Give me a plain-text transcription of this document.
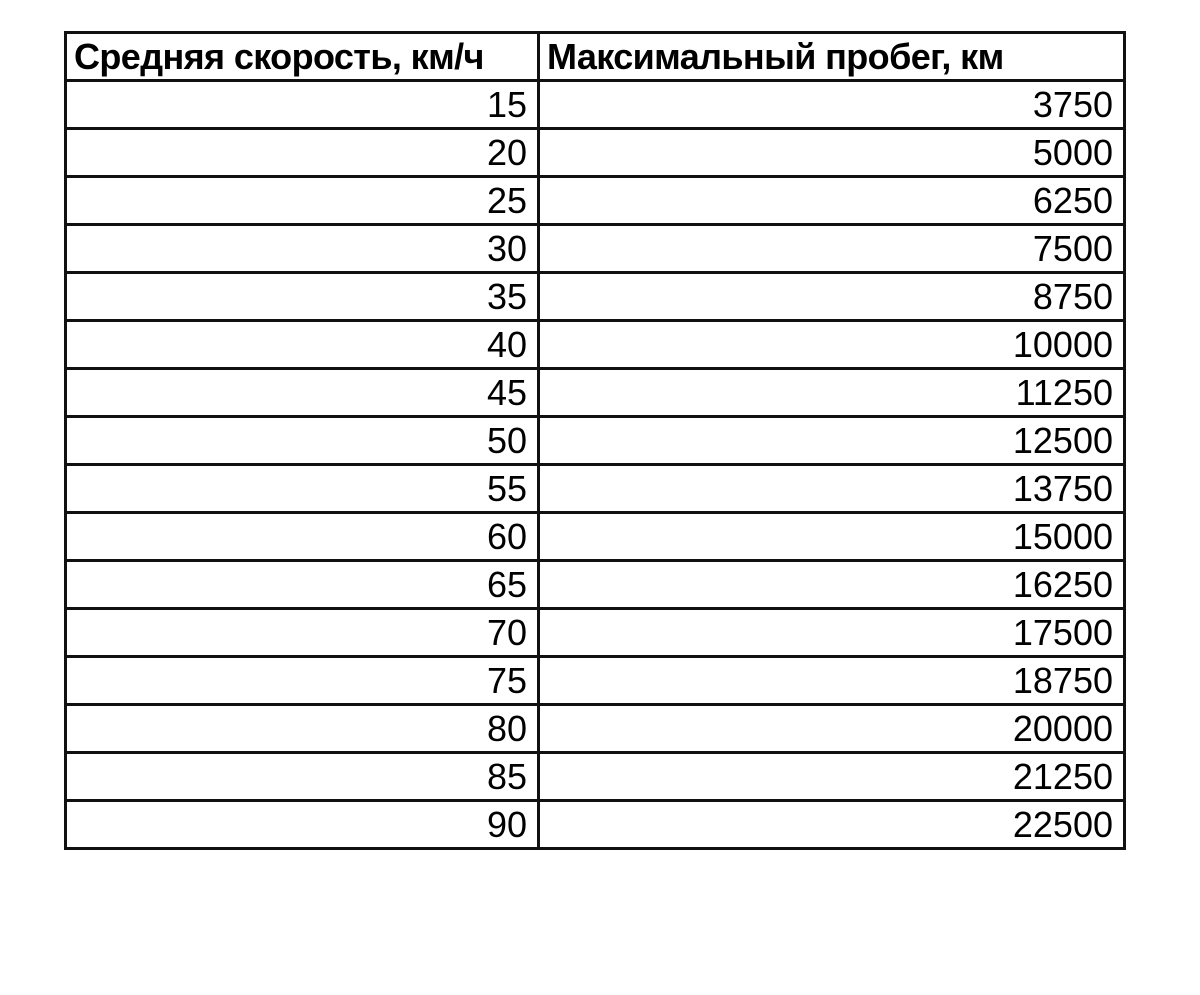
Средняя скорость, км/ч	Максимальный пробег, км
15	3750
20	5000
25	6250
30	7500
35	8750
40	10000
45	11250
50	12500
55	13750
60	15000
65	16250
70	17500
75	18750
80	20000
85	21250
90	22500
